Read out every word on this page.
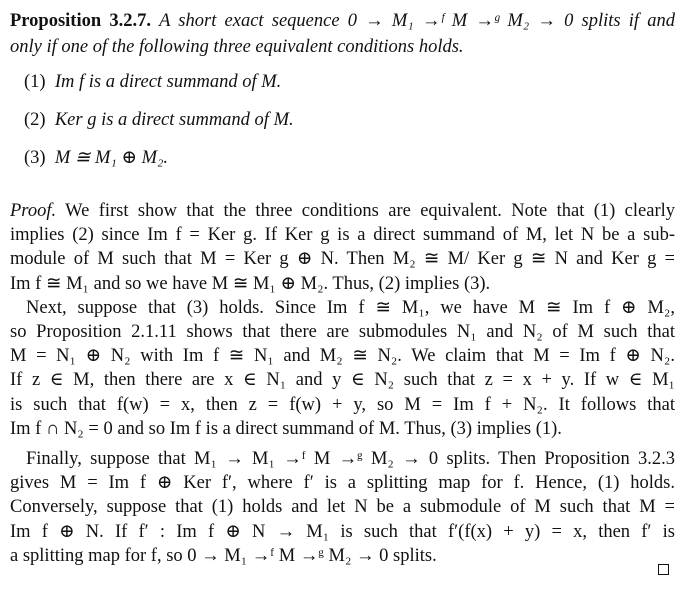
Proposition 3.2.7. A short exact sequence 0 → M₁ →ᶠ M →ᵍ M₂ → 0 splits if and
only if one of the following three equivalent conditions holds.

(1) Im f is a direct summand of M.

(2) Ker g is a direct summand of M.

(3) M ≅ M₁ ⊕ M₂.

Proof. We first show that the three conditions are equivalent. Note that (1) clearly
implies (2) since Im f = Ker g. If Ker g is a direct summand of M, let N be a sub-
module of M such that M = Ker g ⊕ N. Then M₂ ≅ M/ Ker g ≅ N and Ker g =
Im f ≅ M₁ and so we have M ≅ M₁ ⊕ M₂. Thus, (2) implies (3).
Next, suppose that (3) holds. Since Im f ≅ M₁, we have M ≅ Im f ⊕ M₂,
so Proposition 2.1.11 shows that there are submodules N₁ and N₂ of M such that
M = N₁ ⊕ N₂ with Im f ≅ N₁ and M₂ ≅ N₂. We claim that M = Im f ⊕ N₂.
If z ∈ M, then there are x ∈ N₁ and y ∈ N₂ such that z = x + y. If w ∈ M₁
is such that f(w) = x, then z = f(w) + y, so M = Im f + N₂. It follows that
Im f ∩ N₂ = 0 and so Im f is a direct summand of M. Thus, (3) implies (1).
Finally, suppose that M₁ → M₁ →ᶠ M →ᵍ M₂ → 0 splits. Then Proposition 3.2.3
gives M = Im f ⊕ Ker f′, where f′ is a splitting map for f. Hence, (1) holds.
Conversely, suppose that (1) holds and let N be a submodule of M such that M =
Im f ⊕ N. If f′ : Im f ⊕ N → M₁ is such that f′(f(x) + y) = x, then f′ is
a splitting map for f, so 0 → M₁ →ᶠ M →ᵍ M₂ → 0 splits.
